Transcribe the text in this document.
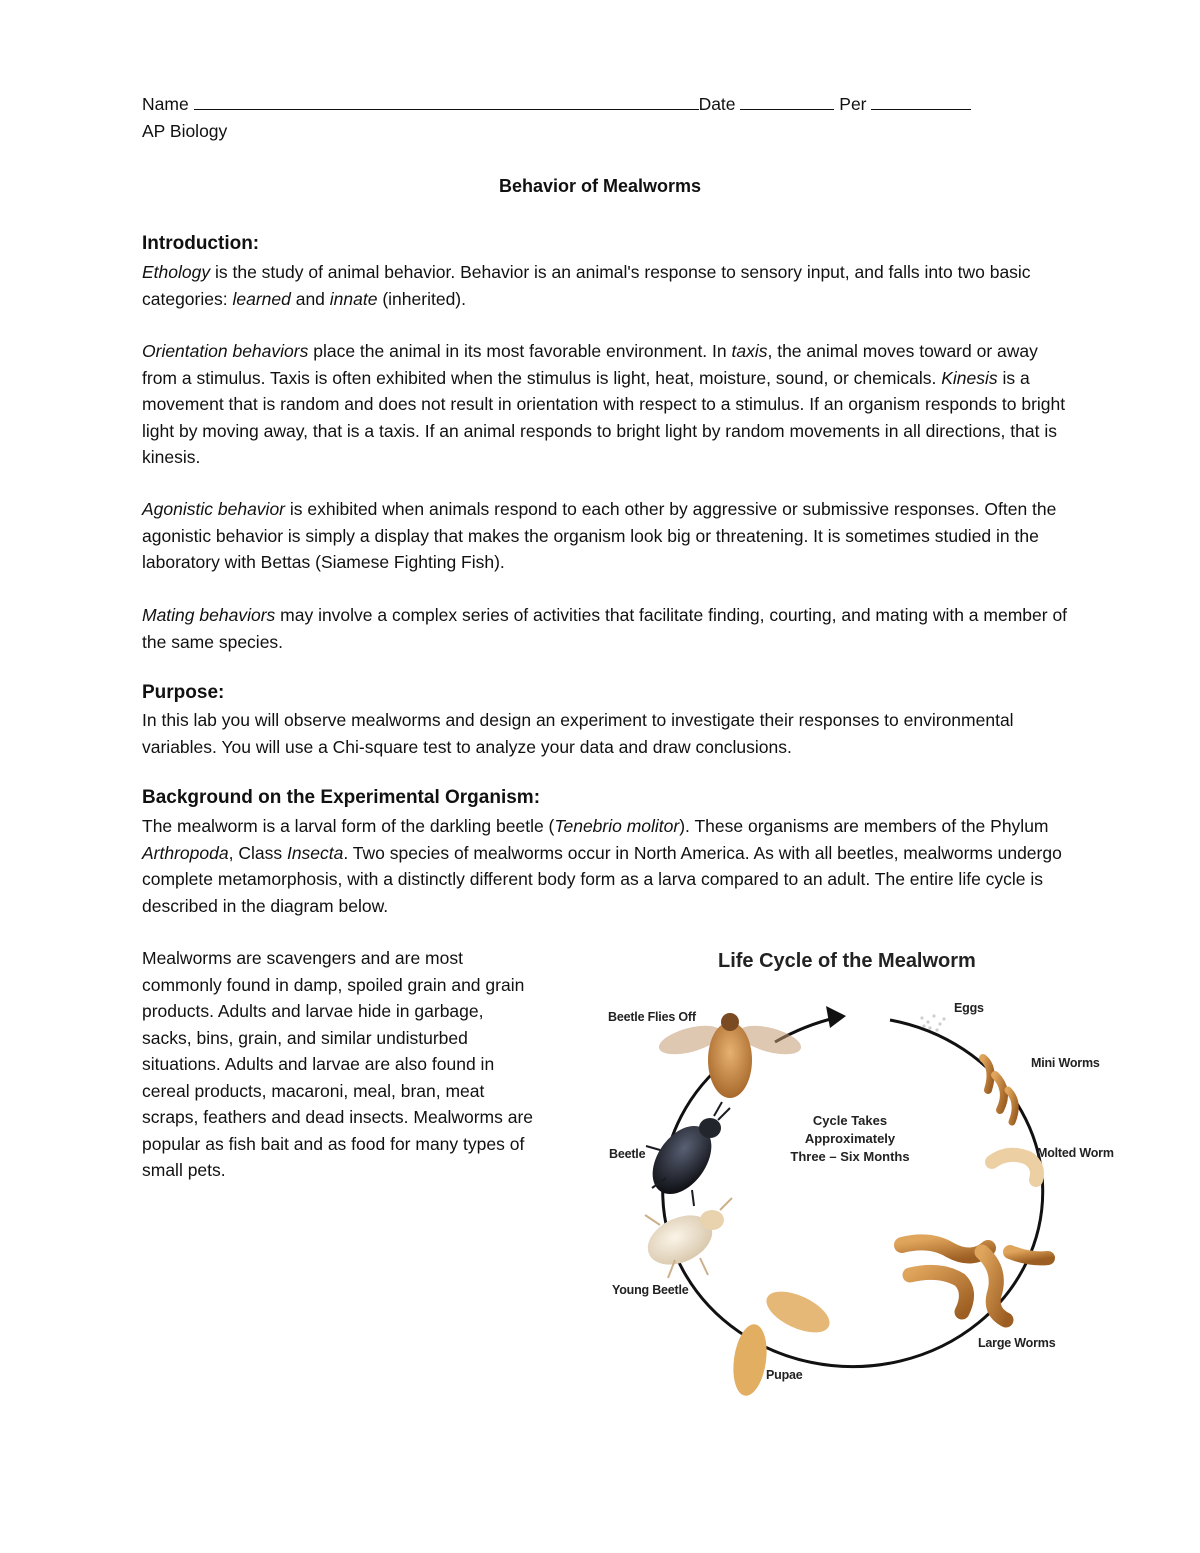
Name	Date	Per
AP Biology
Behavior of Mealworms
Introduction:

Ethology is the study of animal behavior. Behavior is an animal's response to sensory input, and falls into two basic categories: learned and innate (inherited).

Orientation behaviors place the animal in its most favorable environment. In taxis, the animal moves toward or away from a stimulus. Taxis is often exhibited when the stimulus is light, heat, moisture, sound, or chemicals. Kinesis is a movement that is random and does not result in orientation with respect to a stimulus. If an organism responds to bright light by moving away, that is a taxis. If an animal responds to bright light by random movements in all directions, that is kinesis.

Agonistic behavior is exhibited when animals respond to each other by aggressive or submissive responses. Often the agonistic behavior is simply a display that makes the organism look big or threatening. It is sometimes studied in the laboratory with Bettas (Siamese Fighting Fish).

Mating behaviors may involve a complex series of activities that facilitate finding, courting, and mating with a member of the same species.

Purpose:

In this lab you will observe mealworms and design an experiment to investigate their responses to environmental variables. You will use a Chi-square test to analyze your data and draw conclusions.

Background on the Experimental Organism:

The mealworm is a larval form of the darkling beetle (Tenebrio molitor). These organisms are members of the Phylum Arthropoda, Class Insecta. Two species of mealworms occur in North America. As with all beetles, mealworms undergo complete metamorphosis, with a distinctly different body form as a larva compared to an adult. The entire life cycle is described in the diagram below.

Mealworms are scavengers and are most commonly found in damp, spoiled grain and grain products. Adults and larvae hide in garbage, sacks, bins, grain, and similar undisturbed situations. Adults and larvae are also found in cereal products, macaroni, meal, bran, meat scraps, feathers and dead insects. Mealworms are popular as fish bait and as food for many types of small pets.

Life Cycle of the Mealworm
Cycle Takes
Approximately
Three – Six Months
Beetle Flies Off
Eggs
Mini Worms
Molted Worm
Large Worms
Pupae
Young Beetle
Beetle
